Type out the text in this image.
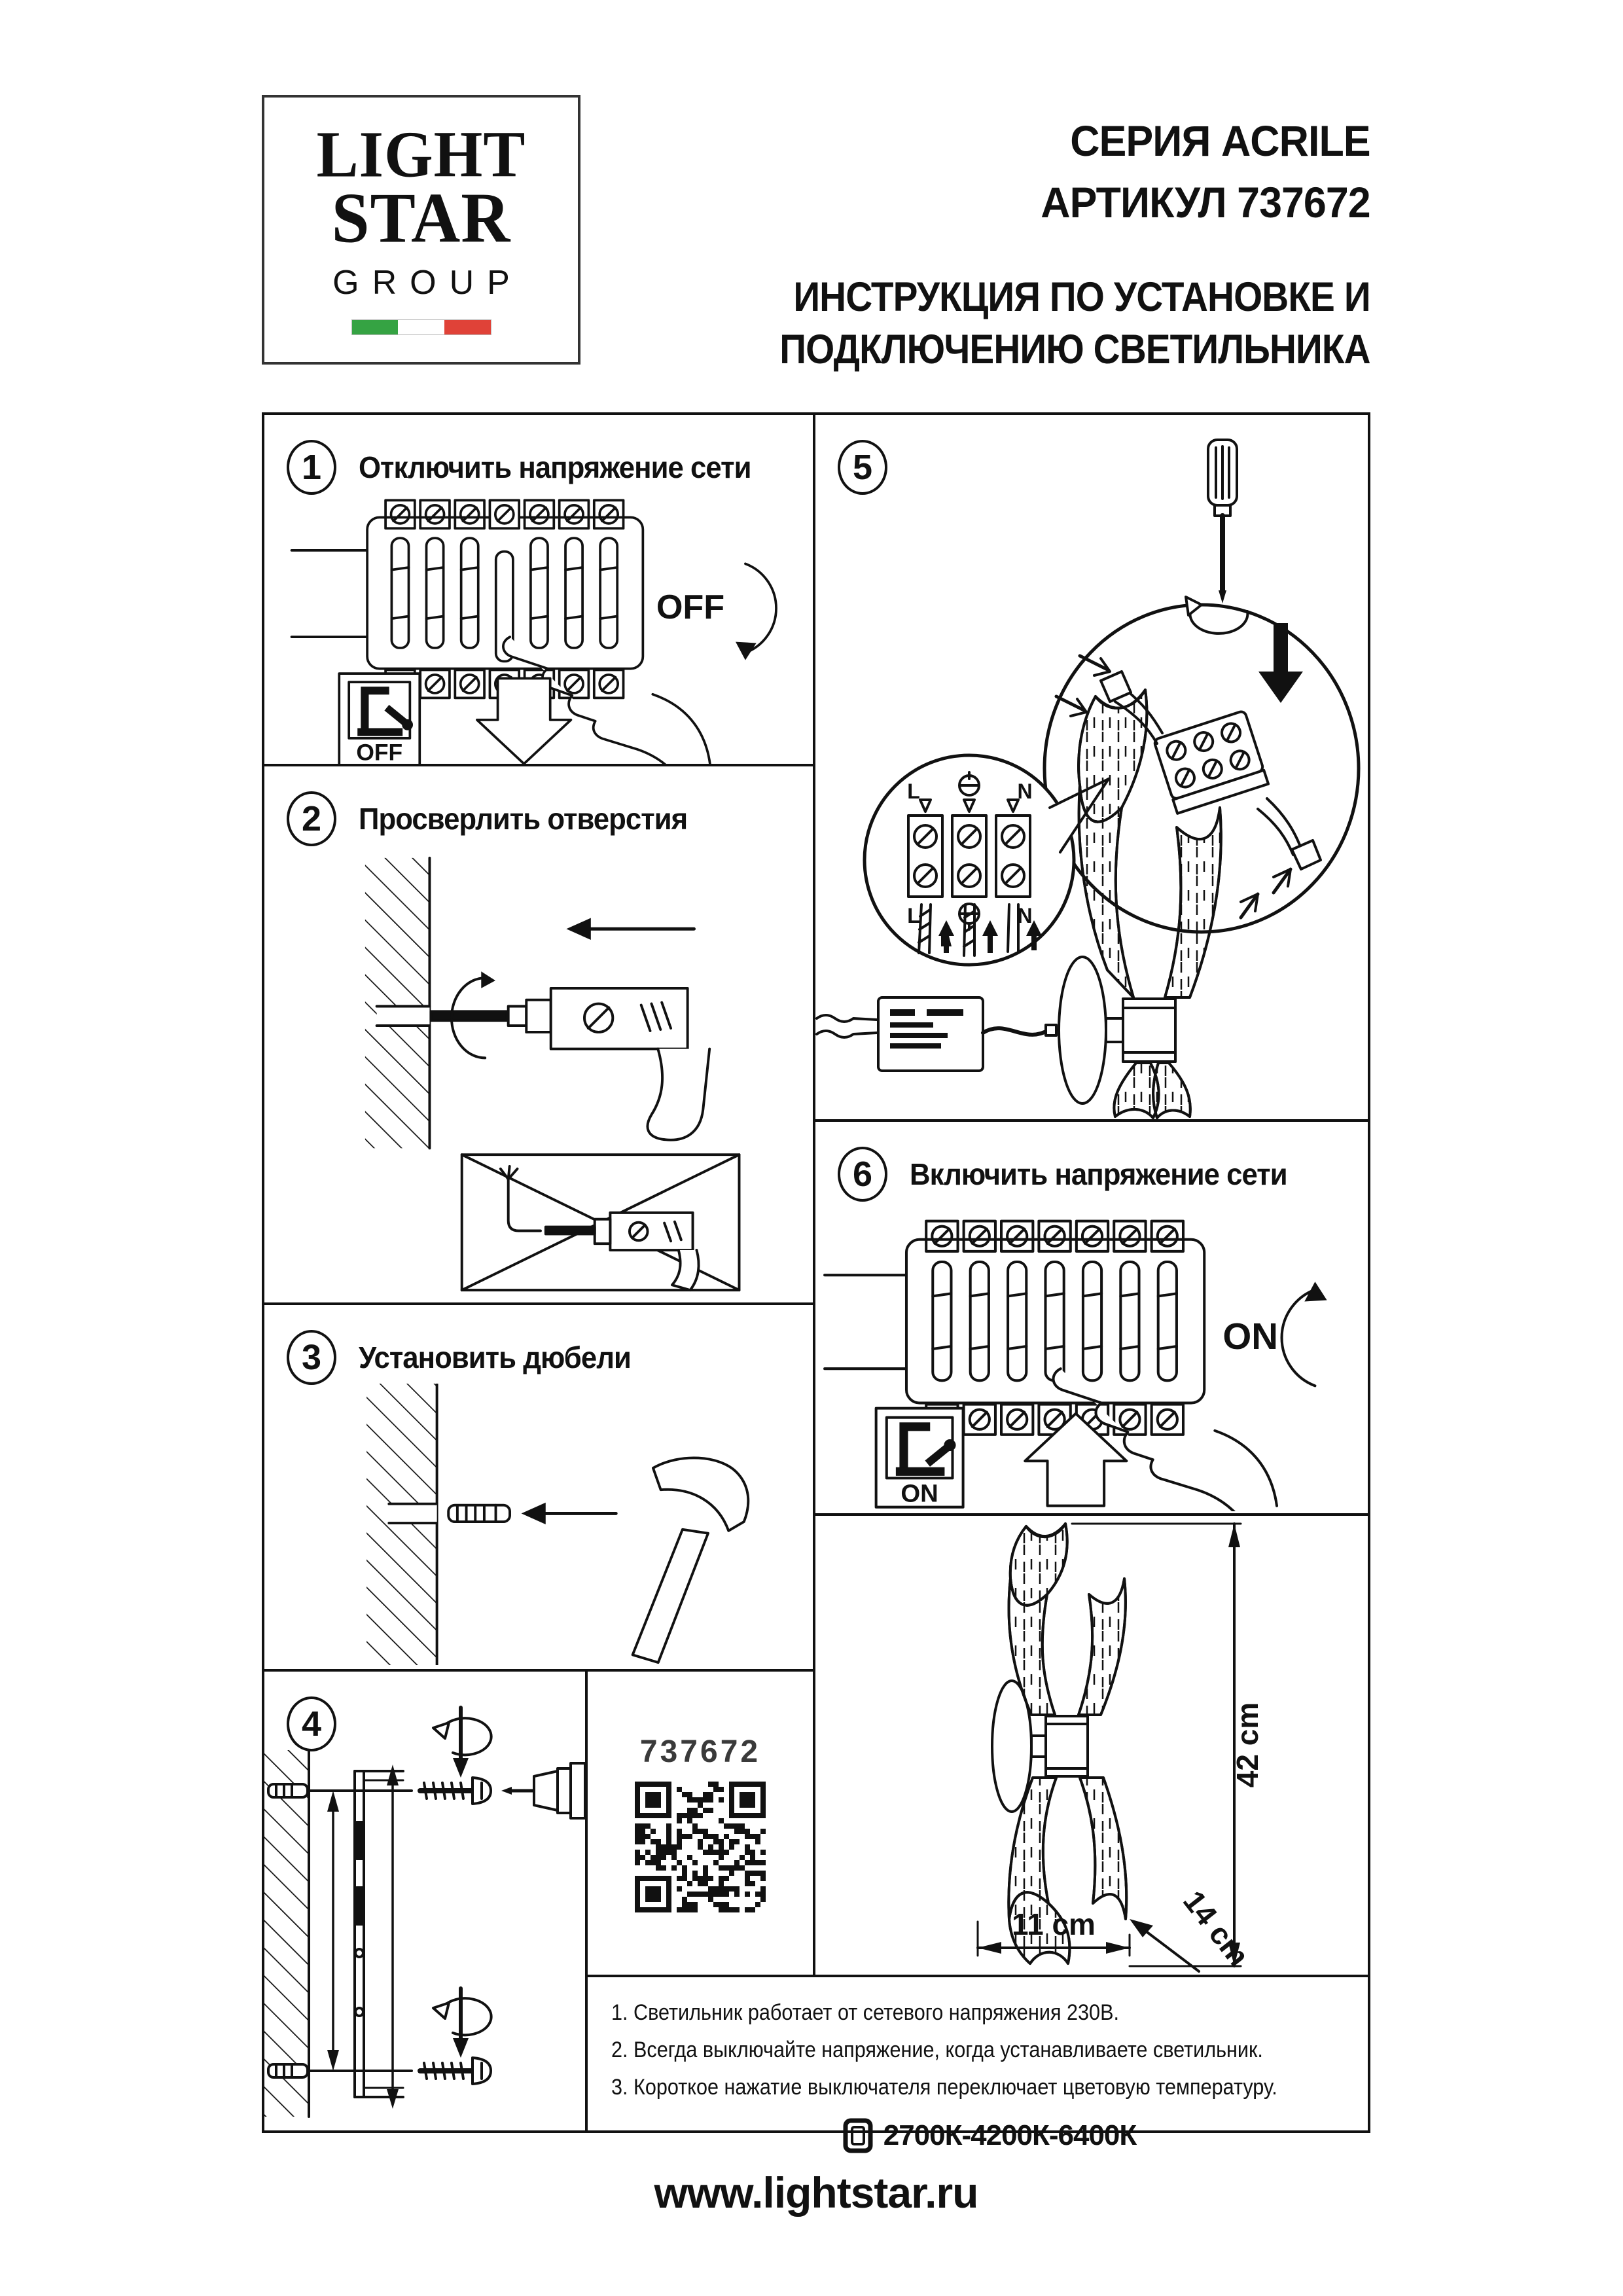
LIGHT
STAR
GROUP
СЕРИЯ ACRILE
АРТИКУЛ 737672
ИНСТРУКЦИЯ ПО УСТАНОВКЕ И
ПОДКЛЮЧЕНИЮ СВЕТИЛЬНИКА
1	Отключить напряжение сети
OFF
OFF
2	Просверлить отверстия
3	Установить дюбели
4
737672
5
L	N
L	N
6	Включить напряжение сети
ON
ON
42 cm
11 cm	14 cm
1. Светильник работает от сетевого напряжения 230В.
2. Всегда выключайте напряжение, когда устанавливаете светильник.
3. Короткое нажатие выключателя переключает цветовую температуру.
2700К-4200К-6400К
www.lightstar.ru
